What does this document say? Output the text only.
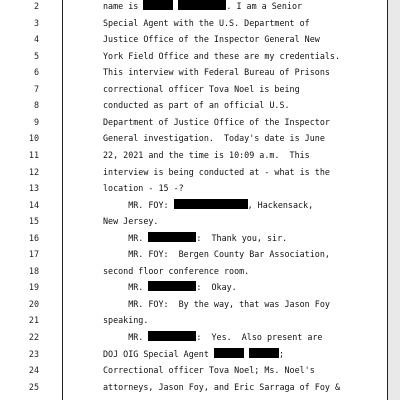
2	name is	. I am a Senior
3	Special Agent with the U.S. Department of
4	Justice Office of the Inspector General New
5	York Field Office and these are my credentials.
6	This interview with Federal Bureau of Prisons
7	correctional officer Tova Noel is being
8	conducted as part of an official U.S.
9	Department of Justice Office of the Inspector
10	General investigation.  Today's date is June
11	22, 2021 and the time is 10:09 a.m.  This
12	interview is being conducted at - what is the
13	location - 15 -?
14	MR. FOY:	, Hackensack,
15	New Jersey.
16	MR.	:  Thank you, sir.
17	MR. FOY:  Bergen County Bar Association,
18	second floor conference room.
19	MR.	:  Okay.
20	MR. FOY:  By the way, that was Jason Foy
21	speaking.
22	MR.	:  Yes.  Also present are
23	DOJ OIG Special Agent	;
24	Correctional officer Tova Noel; Ms. Noel's
25	attorneys, Jason Foy, and Eric Sarraga of Foy &
